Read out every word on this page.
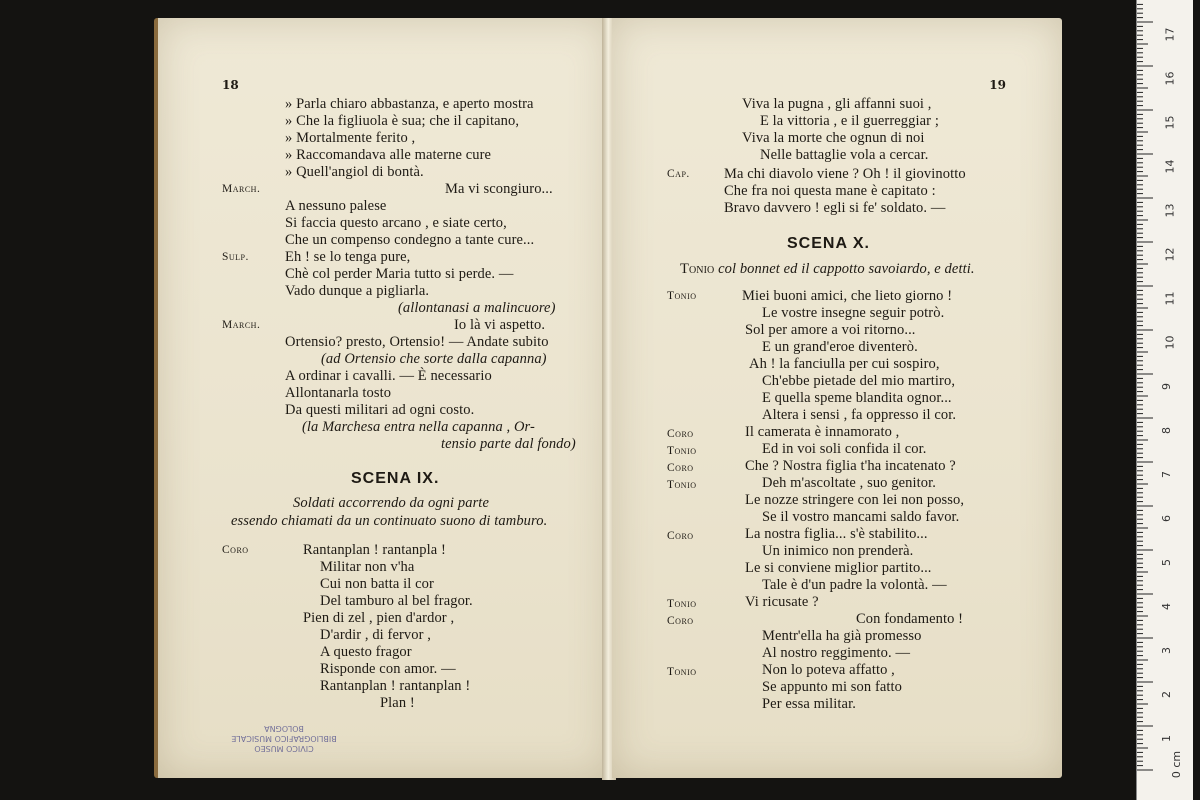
18
» Parla chiaro abbastanza, e aperto mostra
» Che la figliuola è sua; che il capitano,
» Mortalmente ferito ,
» Raccomandava alle materne cure
» Quell'angiol di bontà.
March.	Ma vi scongiuro...
A nessuno palese
Si faccia questo arcano , e siate certo,
Che un compenso condegno a tante cure...
Sulp. Eh ! se lo tenga pure,
Chè col perder Maria tutto si perde. —
Vado dunque a pigliarla.
(allontanasi a malincuore)
March.	Io là vi aspetto.
Ortensio? presto, Ortensio! — Andate subito
(ad Ortensio che sorte dalla capanna)
A ordinar i cavalli. — È necessario
Allontanarla tosto
Da questi militari ad ogni costo.
(la Marchesa entra nella capanna , Or-
tensio parte dal fondo)
SCENA IX.
Soldati accorrendo da ogni parte
essendo chiamati da un continuato suono di tamburo.
Coro	Rantanplan ! rantanpla !
Militar non v'ha
Cui non batta il cor
Del tamburo al bel fragor.
Pien di zel , pien d'ardor ,
D'ardir , di fervor ,
A questo fragor
Risponde con amor. —
Rantanplan ! rantanplan !
Plan !
CIVICO MUSEO
BIBLIOGRAFICO MUSICALE
BOLOGNA
19
Viva la pugna , gli affanni suoi ,
E la vittoria , e il guerreggiar ;
Viva la morte che ognun di noi
Nelle battaglie vola a cercar.
Cap. Ma chi diavolo viene ? Oh ! il giovinotto
Che fra noi questa mane è capitato :
Bravo davvero ! egli si fe' soldato. —
SCENA X.
Tonio col bonnet ed il cappotto savoiardo, e detti.
Tonio	Miei buoni amici, che lieto giorno !
Le vostre insegne seguir potrò.
Sol per amore a voi ritorno...
E un grand'eroe diventerò.
Ah ! la fanciulla per cui sospiro,
Ch'ebbe pietade del mio martiro,
E quella speme blandita ognor...
Altera i sensi , fa oppresso il cor.
Coro	Il camerata è innamorato ,
Tonio	Ed in voi soli confida il cor.
Coro	Che ? Nostra figlia t'ha incatenato ?
Tonio	Deh m'ascoltate , suo genitor.
Le nozze stringere con lei non posso,
Se il vostro mancami saldo favor.
Coro	La nostra figlia... s'è stabilito...
Un inimico non prenderà.
Le si conviene miglior partito...
Tale è d'un padre la volontà. —
Tonio	Vi ricusate ?
Coro	Con fondamento !
Mentr'ella ha già promesso
Al nostro reggimento. —
Tonio	Non lo poteva affatto ,
Se appunto mi son fatto
Per essa militar.
0 cm
1
2
3
4
5
6
7
8
9
10
11
12
13
14
15
16
17
